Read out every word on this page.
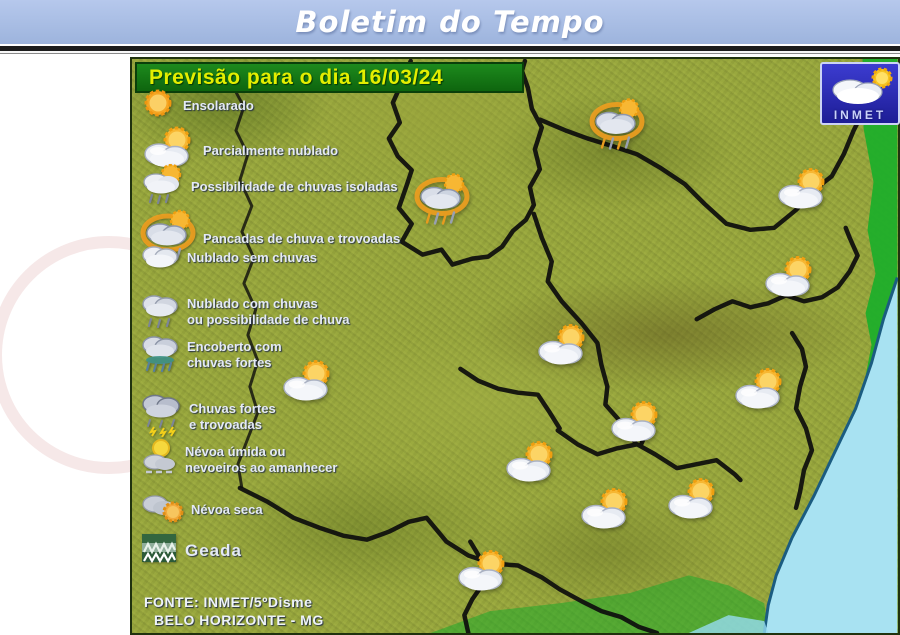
Boletim do Tempo
Previsão para o dia 16/03/24
INMET
Ensolarado
Parcialmente nublado
Possibilidade de chuvas isoladas
Pancadas de chuva e trovoadas
Nublado sem chuvas
Nublado com chuvas
ou possibilidade de chuva
Encoberto com
chuvas fortes
Chuvas fortes
e trovoadas
Névoa úmida ou
nevoeiros ao amanhecer
Névoa seca
Geada
FONTE: INMET/5ºDisme
BELO HORIZONTE - MG
